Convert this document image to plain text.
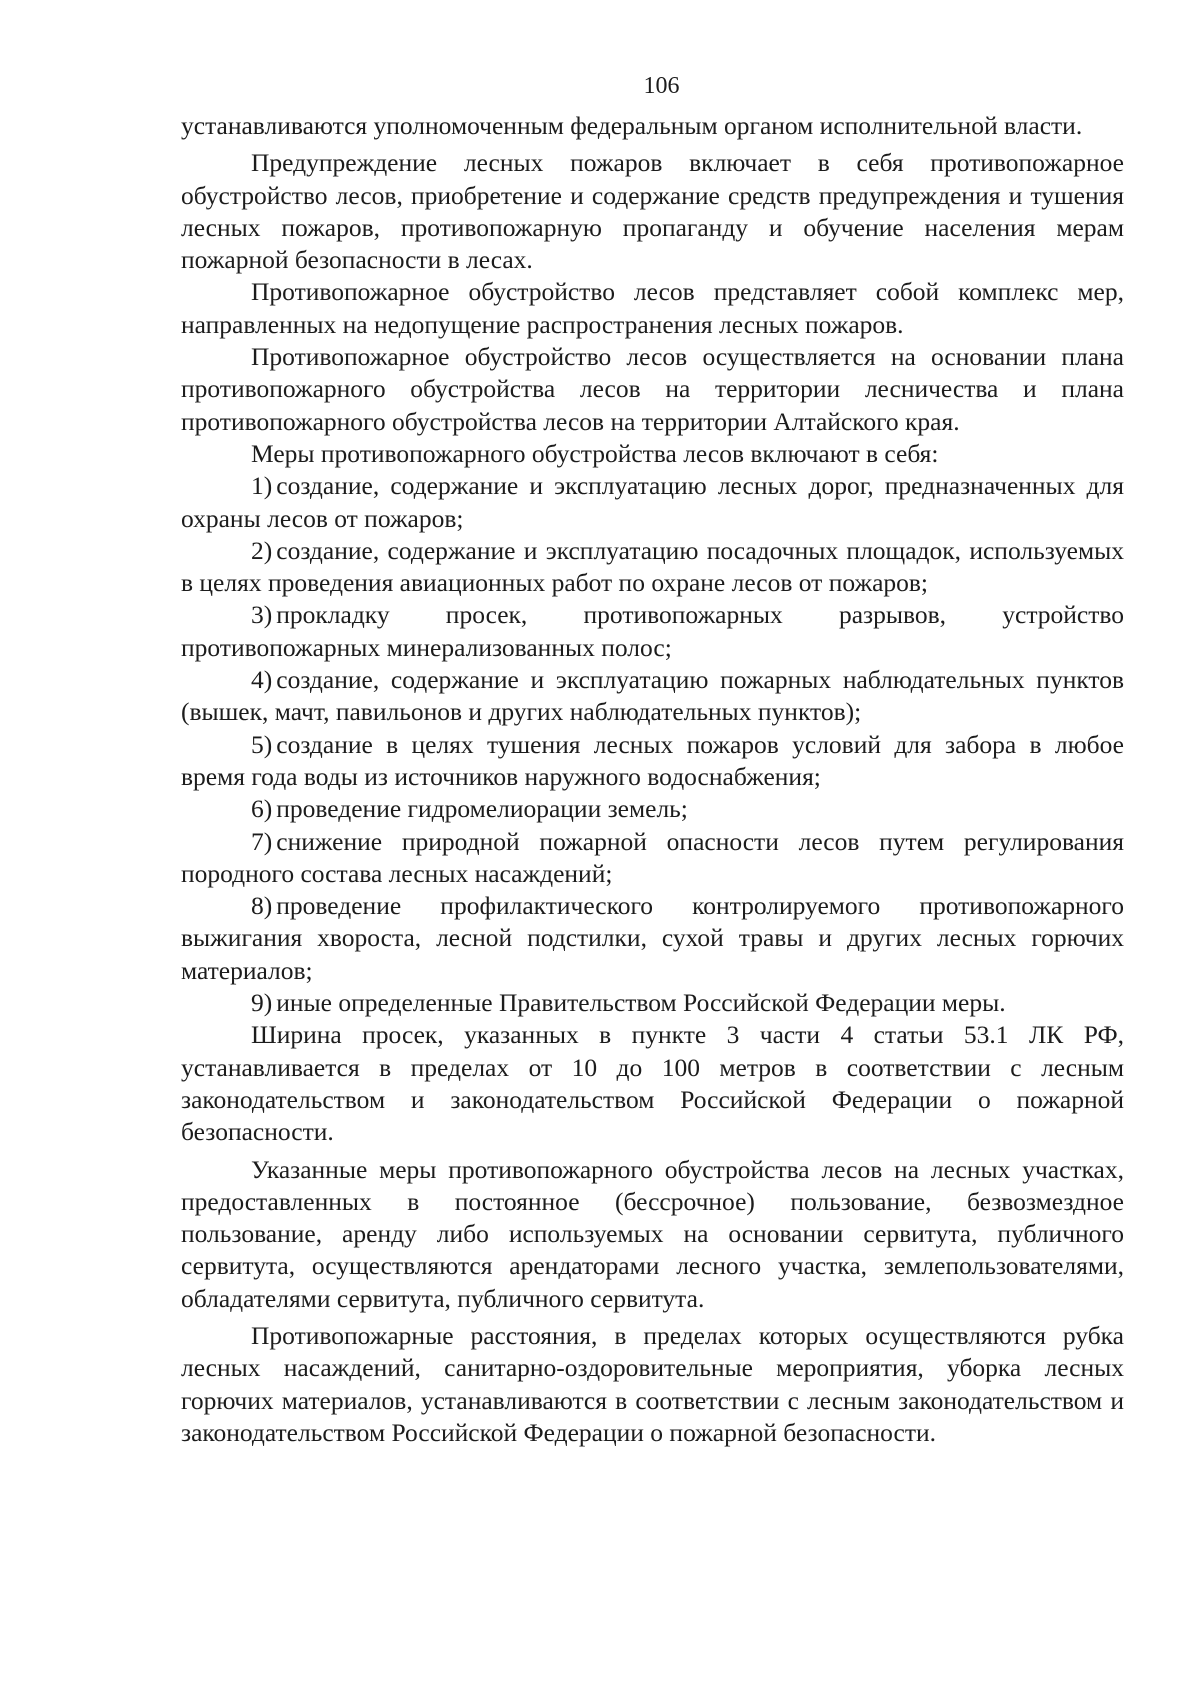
106

устанавливаются уполномоченным федеральным органом исполнительной власти.

Предупреждение лесных пожаров включает в себя противопожарное обустройство лесов, приобретение и содержание средств предупреждения и тушения лесных пожаров, противопожарную пропаганду и обучение населения мерам пожарной безопасности в лесах.

Противопожарное обустройство лесов представляет собой комплекс мер, направленных на недопущение распространения лесных пожаров.

Противопожарное обустройство лесов осуществляется на основании плана противопожарного обустройства лесов на территории лесничества и плана противопожарного обустройства лесов на территории Алтайского края.

Меры противопожарного обустройства лесов включают в себя:

1) создание, содержание и эксплуатацию лесных дорог, предназначенных для охраны лесов от пожаров;

2) создание, содержание и эксплуатацию посадочных площадок, используемых в целях проведения авиационных работ по охране лесов от пожаров;

3) прокладку просек, противопожарных разрывов, устройство противопожарных минерализованных полос;

4) создание, содержание и эксплуатацию пожарных наблюдательных пунктов (вышек, мачт, павильонов и других наблюдательных пунктов);

5) создание в целях тушения лесных пожаров условий для забора в любое время года воды из источников наружного водоснабжения;

6) проведение гидромелиорации земель;

7) снижение природной пожарной опасности лесов путем регулирования породного состава лесных насаждений;

8) проведение профилактического контролируемого противопожарного выжигания хвороста, лесной подстилки, сухой травы и других лесных горючих материалов;

9) иные определенные Правительством Российской Федерации меры.

Ширина просек, указанных в пункте 3 части 4 статьи 53.1 ЛК РФ, устанавливается в пределах от 10 до 100 метров в соответствии с лесным законодательством и законодательством Российской Федерации о пожарной безопасности.

Указанные меры противопожарного обустройства лесов на лесных участках, предоставленных в постоянное (бессрочное) пользование, безвозмездное пользование, аренду либо используемых на основании сервитута, публичного сервитута, осуществляются арендаторами лесного участка, землепользователями, обладателями сервитута, публичного сервитута.

Противопожарные расстояния, в пределах которых осуществляются рубка лесных насаждений, санитарно-оздоровительные мероприятия, уборка лесных горючих материалов, устанавливаются в соответствии с лесным законодательством и законодательством Российской Федерации о пожарной безопасности.
